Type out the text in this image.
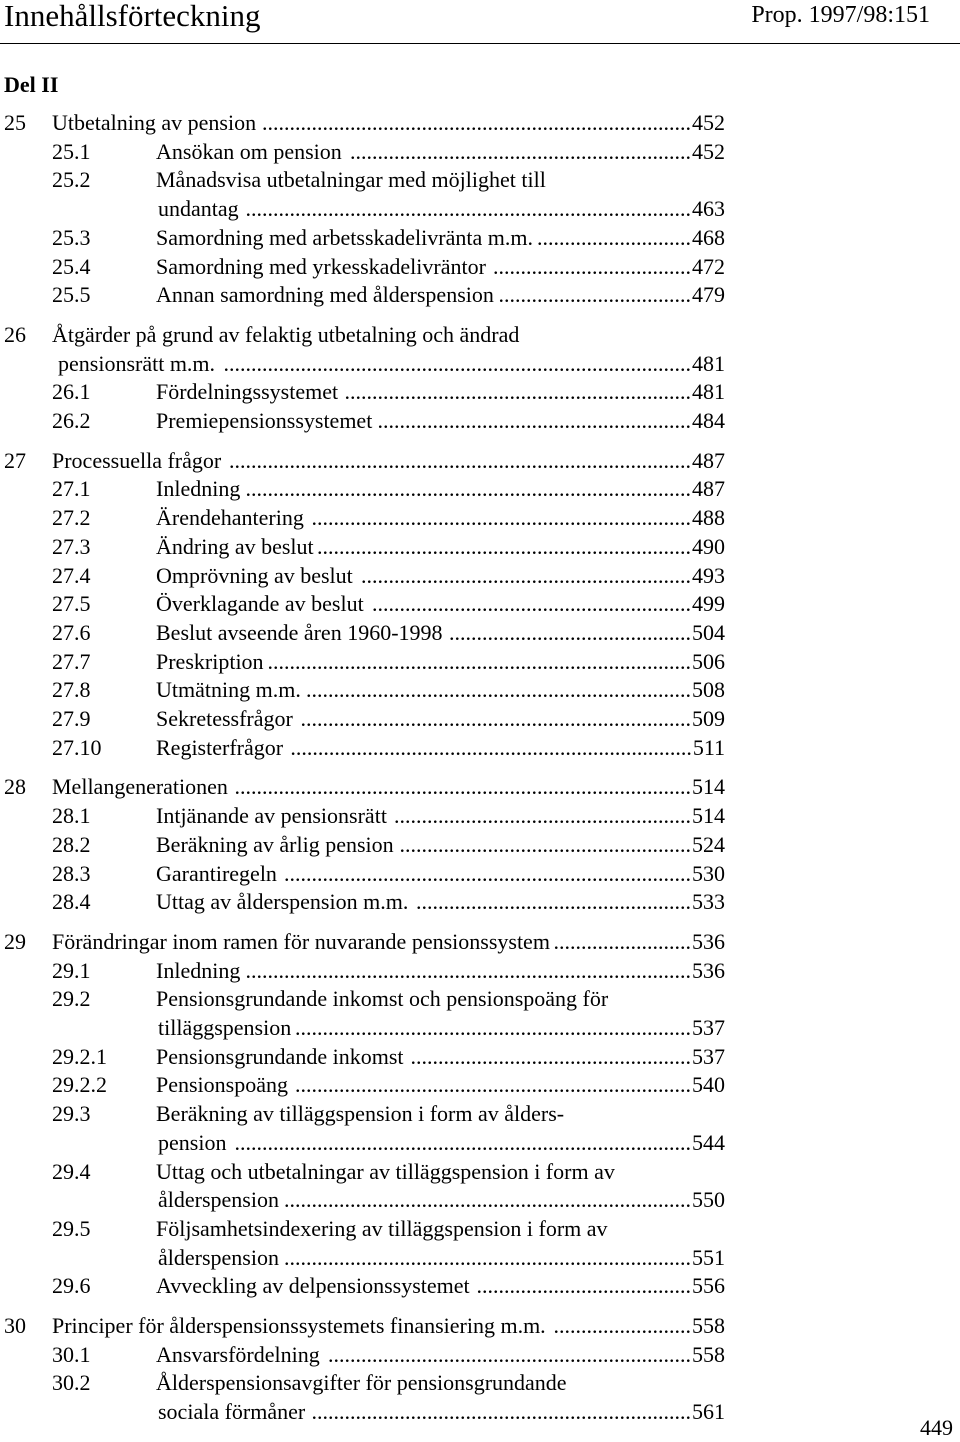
Innehållsförteckning	Prop. 1997/98:151
Del II
25 Utbetalning av pension .............................................................................. 452
25.1	Ansökan om pension .............................................................. 452
25.2	Månadsvisa utbetalningar med möjlighet till
undantag ................................................................................. 463
25.3	Samordning med arbetsskadelivränta m.m. ............................ 468
25.4	Samordning med yrkesskadelivräntor .................................... 472
25.5	Annan samordning med ålderspension ................................... 479
26 Åtgärder på grund av felaktig utbetalning och ändrad
pensionsrätt m.m. ..................................................................................... 481
26.1	Fördelningssystemet ............................................................... 481
26.2	Premiepensionssystemet ......................................................... 484
27 Processuella frågor .................................................................................... 487
27.1	Inledning ................................................................................. 487
27.2	Ärendehantering ..................................................................... 488
27.3	Ändring av beslut .................................................................... 490
27.4	Omprövning av beslut ............................................................ 493
27.5	Överklagande av beslut .......................................................... 499
27.6	Beslut avseende åren 1960-1998 ............................................ 504
27.7	Preskription ............................................................................. 506
27.8	Utmätning m.m. ...................................................................... 508
27.9	Sekretessfrågor ....................................................................... 509
27.10 Registerfrågor ......................................................................... 511
28 Mellangenerationen ................................................................................... 514
28.1	Intjänande av pensionsrätt ...................................................... 514
28.2	Beräkning av årlig pension ..................................................... 524
28.3	Garantiregeln .......................................................................... 530
28.4	Uttag av ålderspension m.m. .................................................. 533
29 Förändringar inom ramen för nuvarande pensionssystem ......................... 536
29.1	Inledning ................................................................................. 536
29.2	Pensionsgrundande inkomst och pensionspoäng för
tilläggspension ........................................................................ 537
29.2.1 Pensionsgrundande inkomst ................................................... 537
29.2.2 Pensionspoäng ........................................................................ 540
29.3	Beräkning av tilläggspension i form av ålders-
pension ................................................................................... 544
29.4	Uttag och utbetalningar av tilläggspension i form av
ålderspension .......................................................................... 550
29.5	Följsamhetsindexering av tilläggspension i form av
ålderspension .......................................................................... 551
29.6	Avveckling av delpensionssystemet ....................................... 556
30 Principer för ålderspensionssystemets finansiering m.m. ......................... 558
30.1	Ansvarsfördelning .................................................................. 558
30.2	Ålderspensionsavgifter för pensionsgrundande
sociala förmåner ..................................................................... 561
449
